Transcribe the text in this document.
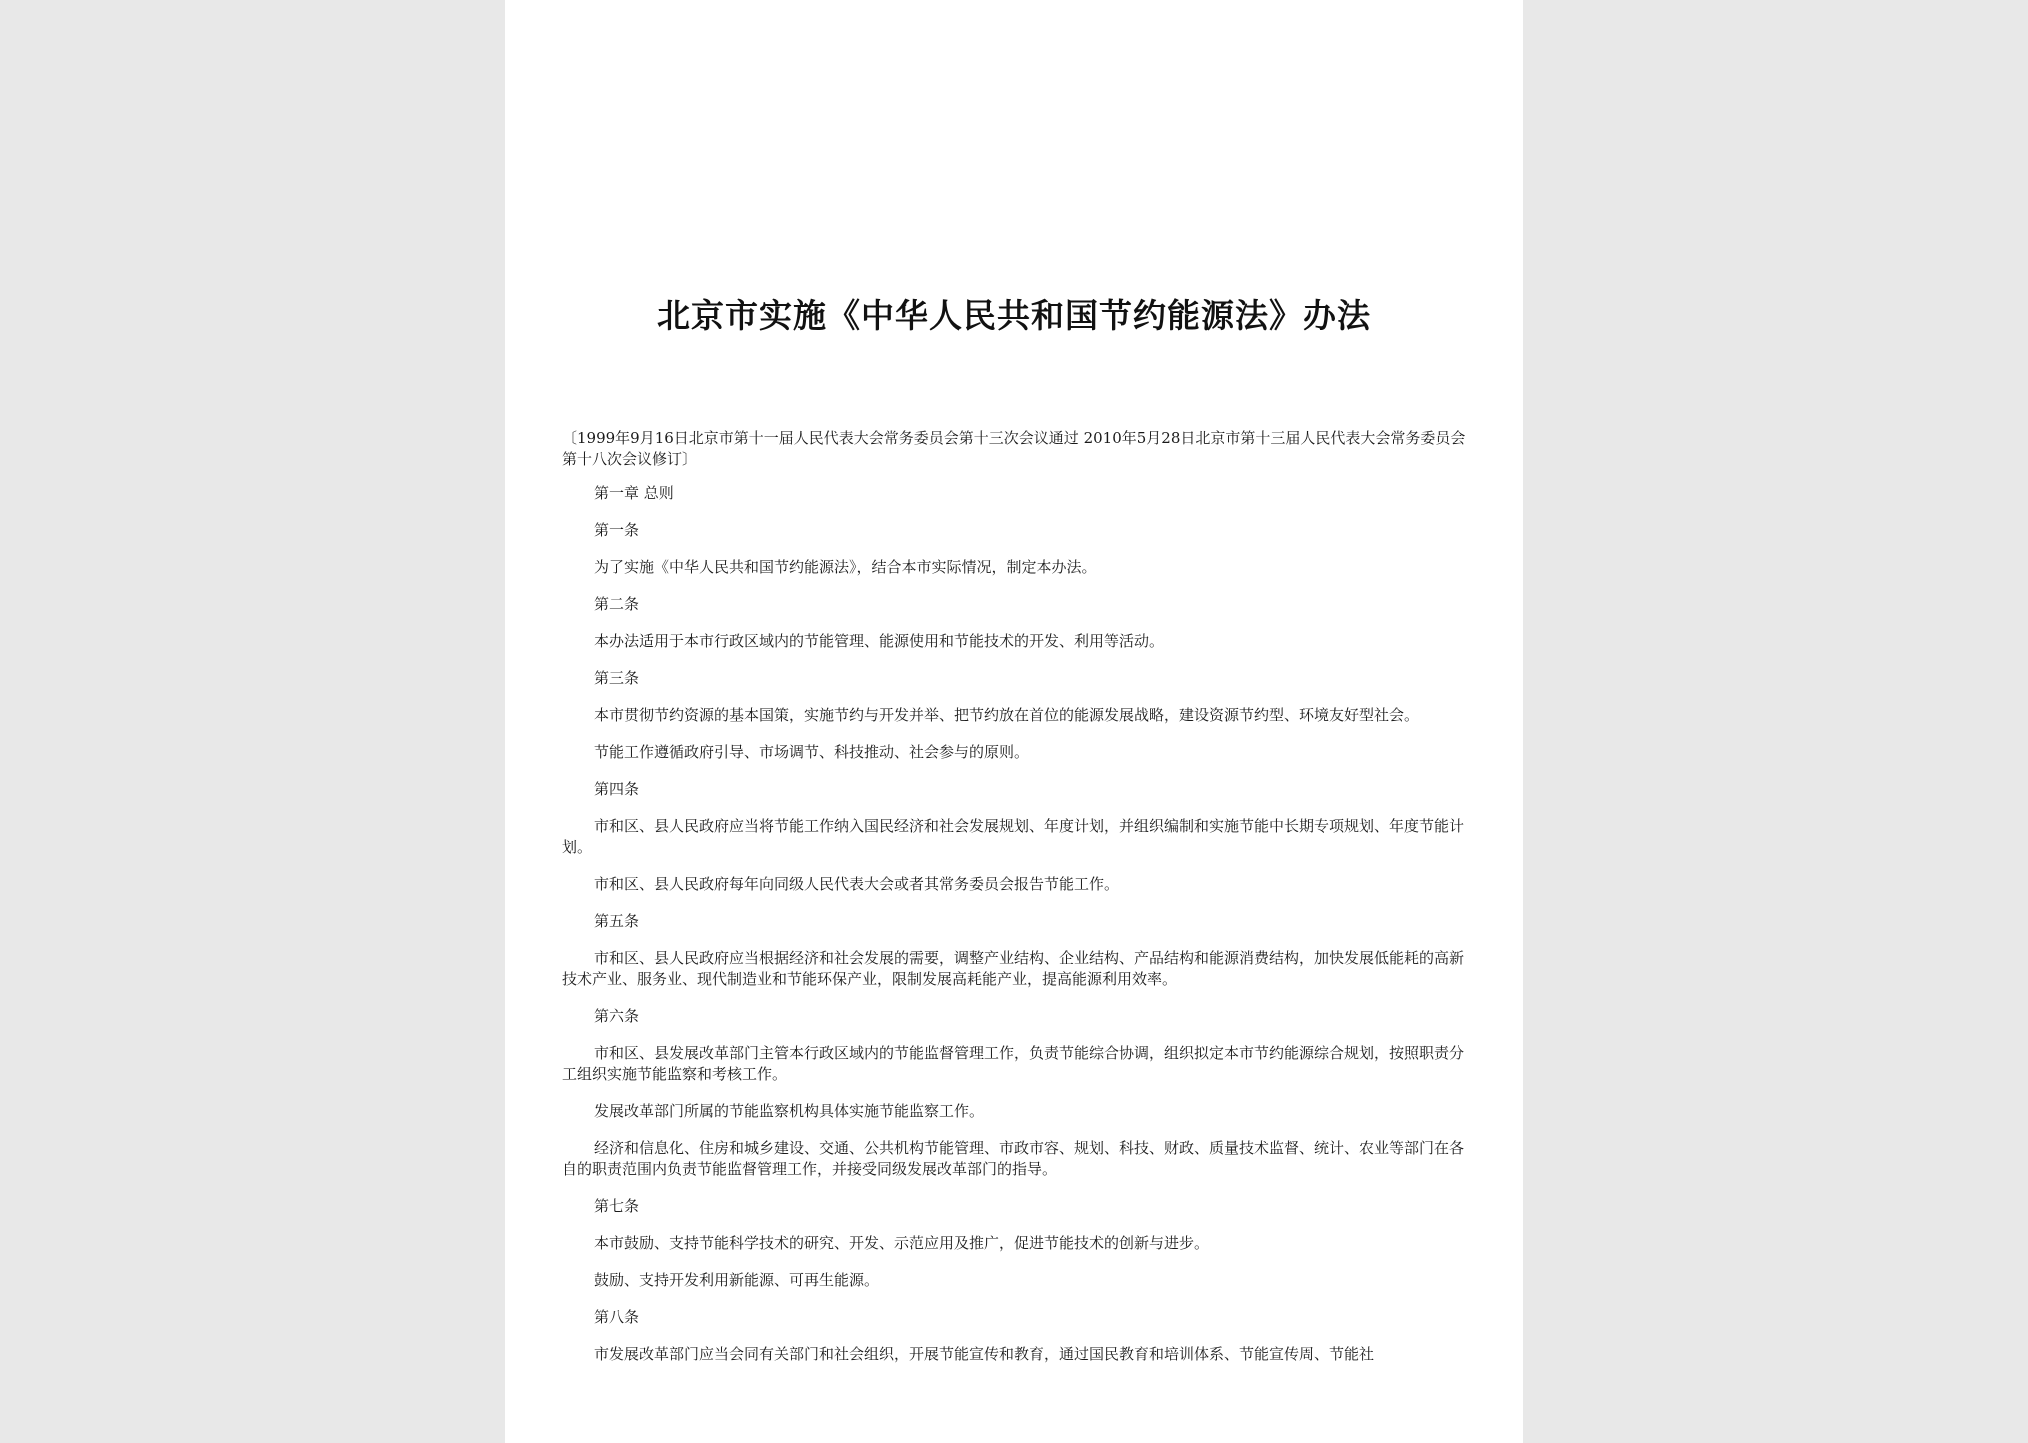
北京市实施《中华人民共和国节约能源法》办法

〔1999年9月16日北京市第十一届人民代表大会常务委员会第十三次会议通过 2010年5月28日北京市第十三届人民代表大会常务委员会第十八次会议修订〕

第一章 总则

第一条

为了实施《中华人民共和国节约能源法》，结合本市实际情况，制定本办法。

第二条

本办法适用于本市行政区域内的节能管理、能源使用和节能技术的开发、利用等活动。

第三条

本市贯彻节约资源的基本国策，实施节约与开发并举、把节约放在首位的能源发展战略，建设资源节约型、环境友好型社会。

节能工作遵循政府引导、市场调节、科技推动、社会参与的原则。

第四条

市和区、县人民政府应当将节能工作纳入国民经济和社会发展规划、年度计划，并组织编制和实施节能中长期专项规划、年度节能计划。

市和区、县人民政府每年向同级人民代表大会或者其常务委员会报告节能工作。

第五条

市和区、县人民政府应当根据经济和社会发展的需要，调整产业结构、企业结构、产品结构和能源消费结构，加快发展低能耗的高新技术产业、服务业、现代制造业和节能环保产业，限制发展高耗能产业，提高能源利用效率。

第六条

市和区、县发展改革部门主管本行政区域内的节能监督管理工作，负责节能综合协调，组织拟定本市节约能源综合规划，按照职责分工组织实施节能监察和考核工作。

发展改革部门所属的节能监察机构具体实施节能监察工作。

经济和信息化、住房和城乡建设、交通、公共机构节能管理、市政市容、规划、科技、财政、质量技术监督、统计、农业等部门在各自的职责范围内负责节能监督管理工作，并接受同级发展改革部门的指导。

第七条

本市鼓励、支持节能科学技术的研究、开发、示范应用及推广，促进节能技术的创新与进步。

鼓励、支持开发利用新能源、可再生能源。

第八条

市发展改革部门应当会同有关部门和社会组织，开展节能宣传和教育，通过国民教育和培训体系、节能宣传周、节能社
